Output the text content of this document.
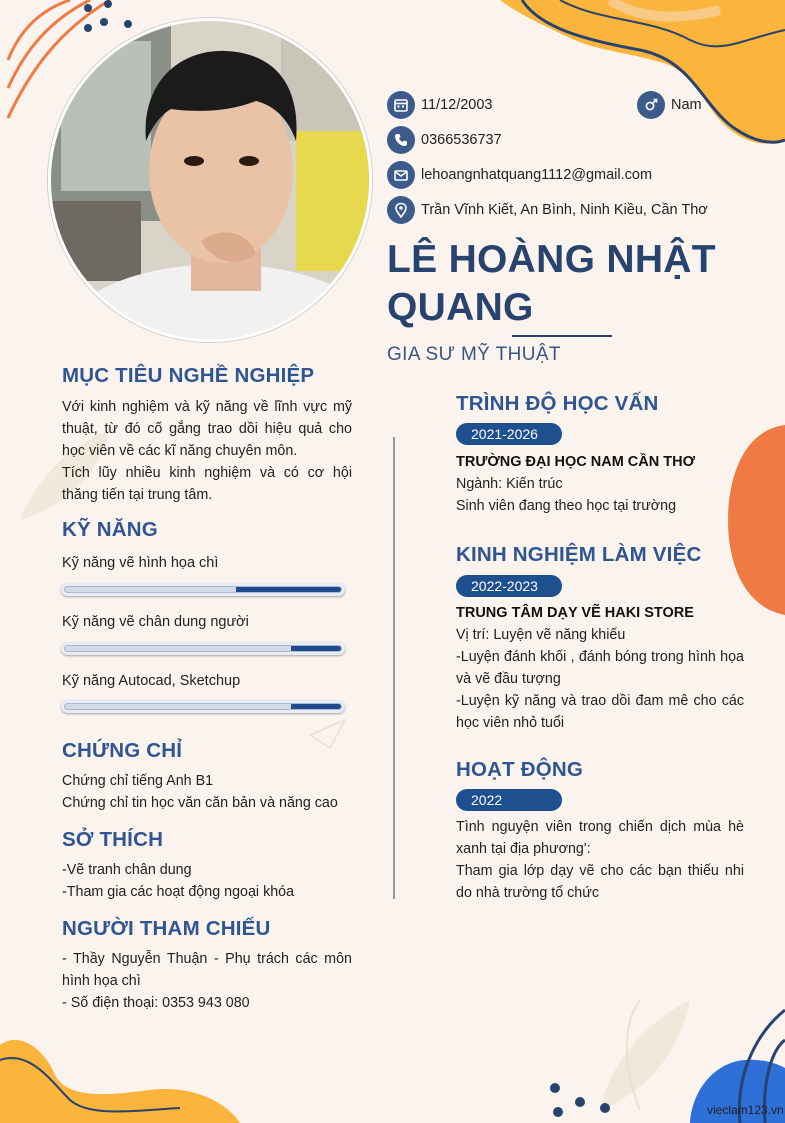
11/12/2003	Nam
0366536737
lehoangnhatquang1112@gmail.com
Trần Vĩnh Kiết, An Bình, Ninh Kiều, Cần Thơ
LÊ HOÀNG NHẬT
QUANG
GIA SƯ MỸ THUẬT
MỤC TIÊU NGHỀ NGHIỆP
Với kinh nghiệm và kỹ năng về lĩnh vực mỹ thuật, từ đó cố gắng trao dồi hiệu quả cho học viên về các kĩ năng chuyên môn.
Tích lũy nhiều kinh nghiệm và có cơ hội thăng tiến tại trung tâm.
KỸ NĂNG
Kỹ năng vẽ hình họa chì
Kỹ năng vẽ chân dung người
Kỹ năng Autocad, Sketchup
CHỨNG CHỈ
Chứng chỉ tiếng Anh B1
Chứng chỉ tin học văn căn bản và năng cao
SỞ THÍCH
-Vẽ tranh chân dung
-Tham gia các hoạt động ngoại khóa
NGƯỜI THAM CHIẾU
- Thầy Nguyễn Thuận - Phụ trách các môn hình họa chì
- Số điện thoại: 0353 943 080
TRÌNH ĐỘ HỌC VẤN
2021-2026
TRƯỜNG ĐẠI HỌC NAM CẦN THƠ
Ngành: Kiến trúc
Sinh viên đang theo học tại trường
KINH NGHIỆM LÀM VIỆC
2022-2023
TRUNG TÂM DẠY VẼ HAKI STORE
Vị trí: Luyện vẽ năng khiếu
-Luyện đánh khối , đánh bóng trong hình họa và vẽ đầu tượng
-Luyện kỹ năng và trao dồi đam mê cho các học viên nhỏ tuổi
HOẠT ĐỘNG
2022
Tình nguyện viên trong chiến dịch mùa hè xanh tại địa phương':
Tham gia lớp dạy vẽ cho các bạn thiếu nhi do nhà trường tổ chức
vieclam123.vn
